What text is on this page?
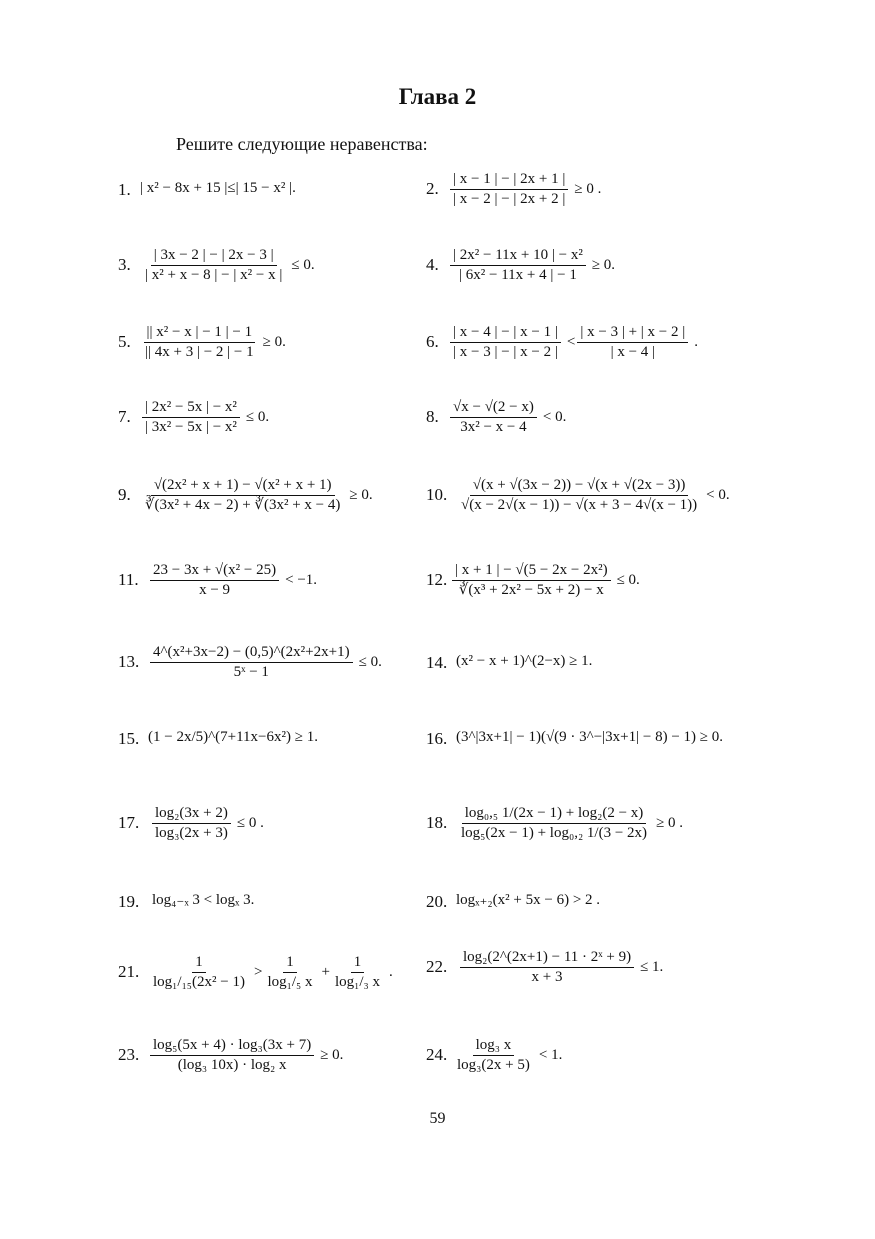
Глава 2
Решите следующие неравенства:
1. | x² − 8x + 15 |≤| 15 − x² |.	2. $\frac{| x - 1 | - | 2x + 1 |}{| x - 2 | - | 2x + 2 |} \ge 0$ .
3. $\frac{| 3x - 2 | - | 2x - 3 |}{\text{| x² + x − 8 | − | x² − x |}} \le 0$.	4. $\frac{\text{| 2x² − 11x + 10 | − x²}}{\text{| 6x² − 11x + 4 | − 1}} \ge 0$.
5. $\frac{\text{|| x² − x | − 1 | − 1}}{|| 4x + 3 | - 2 | - 1} \ge 0$.	6. $\frac{| x - 4 | - | x - 1 |}{| x - 3 | - | x - 2 |} < \frac{| x - 3 | + | x - 2 |}{| x - 4 |}$ .
7. $\frac{\text{| 2x² − 5x | − x²}}{\text{| 3x² − 5x | − x²}} \le 0$.	8. $\frac{√x - √(2 - x)}{\text{3x² − x − 4}} < 0$.
9. $\frac{\text{√(2x² + x + 1) − √(x² + x + 1)}}{\text{∛(3x² + 4x − 2) + ∛(3x² + x − 4)}} \ge 0$.	10. $\frac{√(x + √(3x - 2)) - √(x + √(2x - 3))}{√(x - 2√(x - 1)) - √(x + 3 - 4√(x - 1))} < 0$.
11. $\frac{\text{23 − 3x + √(x² − 25)}}{x - 9} < -1$.	12. $\frac{\text{| x + 1 | − √(5 − 2x − 2x²)}}{\text{∛(x³ + 2x² − 5x + 2) − x}} \le 0$.
13. $\frac{\text{4\textasciicircum{}(x²+3x−2) − (0,5)\textasciicircum{}(2x²+2x+1)}}{\text{5ˣ − 1}} \le 0$.	14. (x² − x + 1)^(2−x) ≥ 1.
15. (1 − 2x/5)^(7+11x−6x²) ≥ 1.	16. (3^|3x+1| − 1)(√(9 · 3^−|3x+1| − 8) − 1) ≥ 0.
17. $\frac{\text{log₂(3x + 2)}}{\text{log₃(2x + 3)}} \le 0$ .	18. $\frac{\text{log₀,₅ 1/(2x − 1) + log₂(2 − x)}}{\text{log₅(2x − 1) + log₀,₂ 1/(3 − 2x)}} \ge 0$ .
19. log₄₋ₓ 3 < logₓ 3.	20. logₓ₊₂(x² + 5x − 6) > 2 .
21. $\frac{1}{\text{log₁/₁₅(2x² − 1)}} > \frac{1}{\text{log₁/₅ x}} + \frac{1}{\text{log₁/₃ x}}$ . 22. $\frac{\text{log₂(2\textasciicircum{}(2x+1) − 11 · 2ˣ + 9)}}{x + 3} \le 1$.
23. $\frac{\text{log₅(5x + 4) · log₃(3x + 7)}}{\text{(log₃ 10x) · log₂ x}} \ge 0$.	24. $\frac{\text{log₃ x}}{\text{log₃(2x + 5)}} < 1$.
59
